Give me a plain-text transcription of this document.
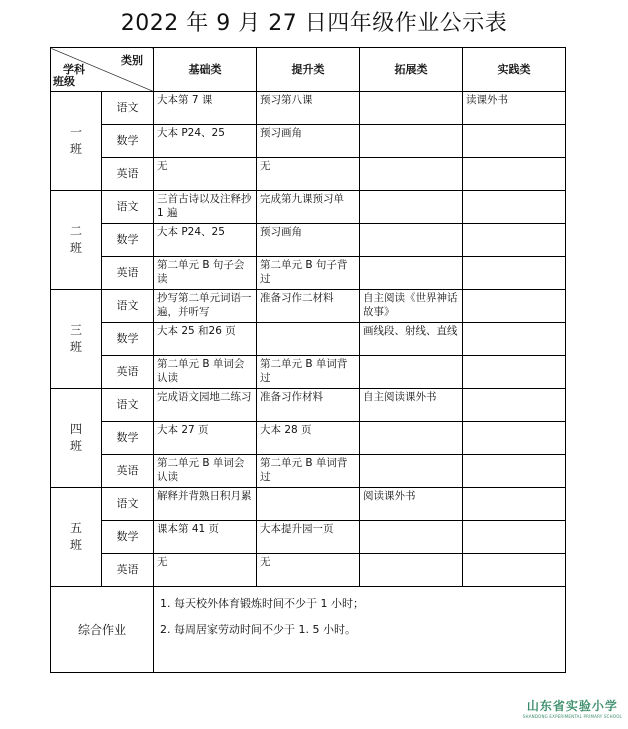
2022 年 9 月 27 日四年级作业公示表
类别
学科
班级		基础类	提升类	拓展类	实践类
一班	语文	大本第 7 课	预习第八课		读课外书
	数学	大本 P24、25	预习画角		
	英语	无	无		
二班	语文	三首古诗以及注释抄 1 遍	完成第九课预习单		
	数学	大本 P24、25	预习画角		
	英语	第二单元 B 句子会读	第二单元 B 句子背过		
三班	语文	抄写第二单元词语一遍，并听写	准备习作二材料	自主阅读《世界神话故事》	
	数学	大本 25 和26 页		画线段、射线、直线	
	英语	第二单元 B 单词会认读	第二单元 B 单词背过		
四班	语文	完成语文园地二练习	准备习作材料	自主阅读课外书	
	数学	大本 27 页	大本 28 页		
	英语	第二单元 B 单词会认读	第二单元 B 单词背过		
五班	语文	解释并背熟日积月累		阅读课外书	
	数学	课本第 41 页	大本提升园一页		
	英语	无	无		
综合作业		1. 每天校外体育锻炼时间不少于 1 小时；
2. 每周居家劳动时间不少于 1. 5 小时。			
山东省实验小学
SHANDONG EXPERIMENTAL PRIMARY SCHOOL
